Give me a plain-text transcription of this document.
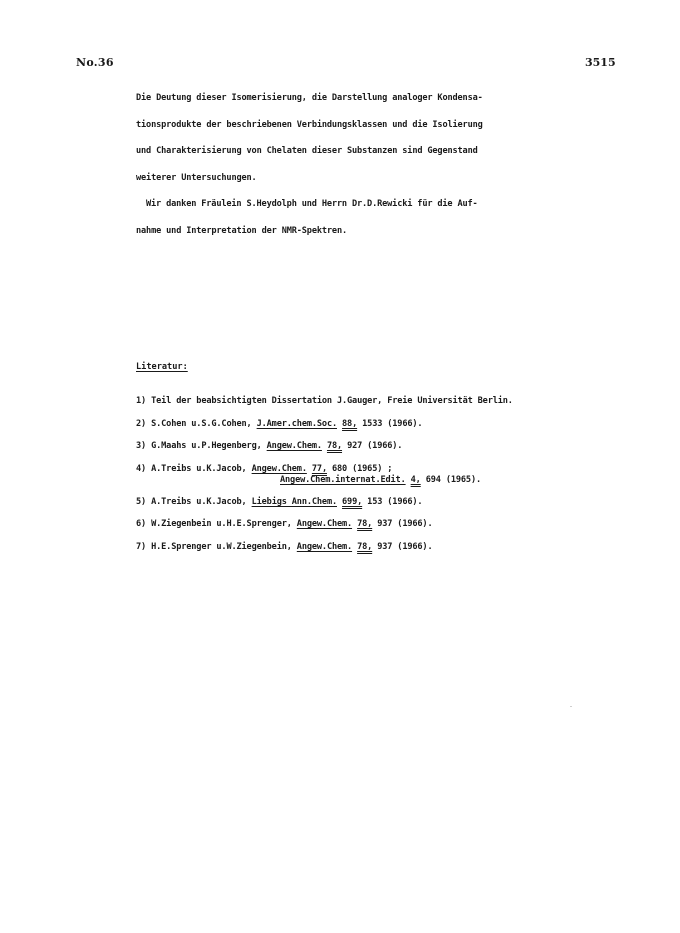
No.36	3515
Die Deutung dieser Isomerisierung, die Darstellung analoger Kondensa-
tionsprodukte der beschriebenen Verbindungsklassen und die Isolierung
und Charakterisierung von Chelaten dieser Substanzen sind Gegenstand
weiterer Untersuchungen.
Wir danken Fräulein S.Heydolph und Herrn Dr.D.Rewicki für die Auf-
nahme und Interpretation der NMR-Spektren.
Literatur:
1) Teil der beabsichtigten Dissertation J.Gauger, Freie Universität Berlin.
2) S.Cohen u.S.G.Cohen, J.Amer.chem.Soc. 88, 1533 (1966).
3) G.Maahs u.P.Hegenberg, Angew.Chem. 78, 927 (1966).
4) A.Treibs u.K.Jacob, Angew.Chem. 77, 680 (1965) ;
Angew.Chem.internat.Edit. 4, 694 (1965).
5) A.Treibs u.K.Jacob, Liebigs Ann.Chem. 699, 153 (1966).
6) W.Ziegenbein u.H.E.Sprenger, Angew.Chem. 78, 937 (1966).
7) H.E.Sprenger u.W.Ziegenbein, Angew.Chem. 78, 937 (1966).
